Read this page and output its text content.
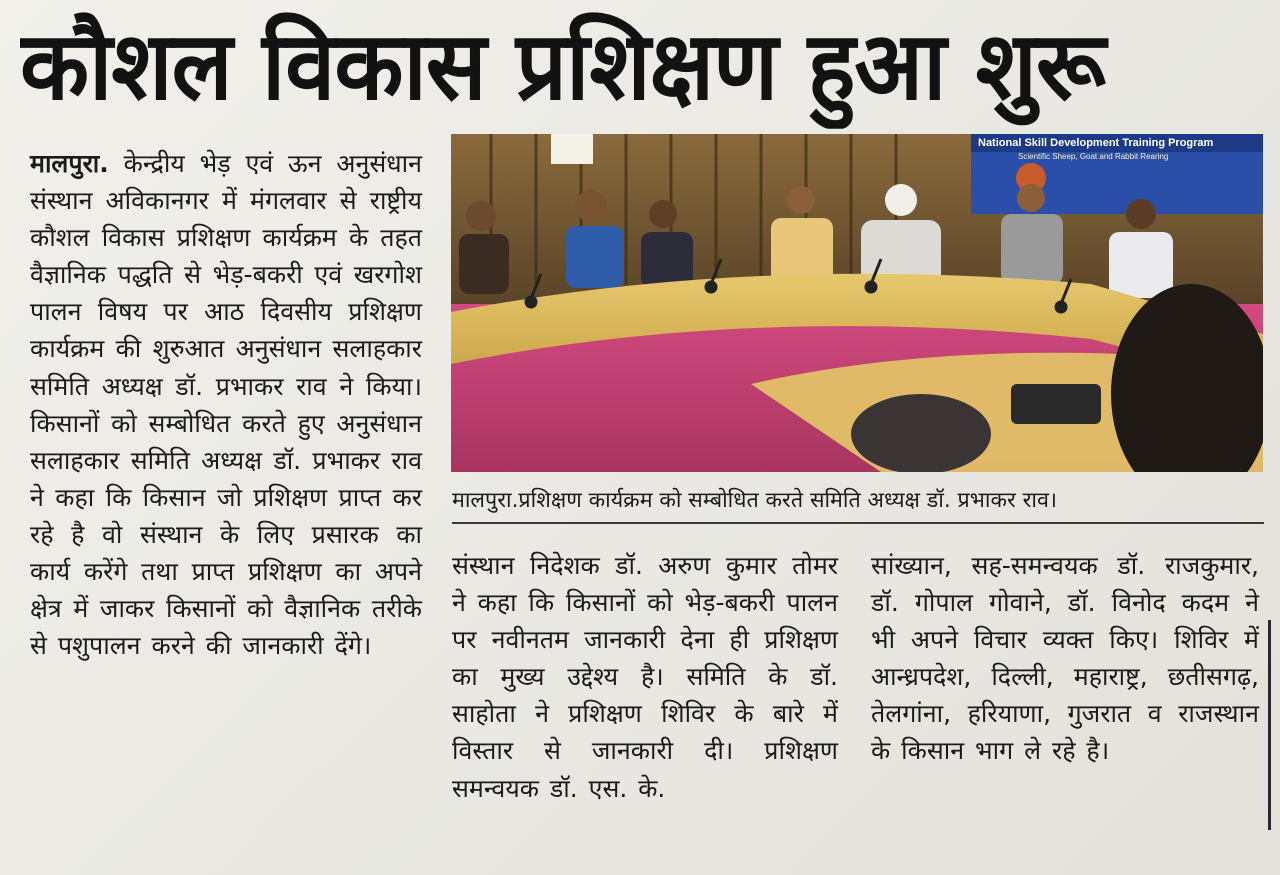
कौशल विकास प्रशिक्षण हुआ शुरू
मालपुरा. केन्द्रीय भेड़ एवं ऊन अनुसंधान संस्थान अविकानगर में मंगलवार से राष्ट्रीय कौशल विकास प्रशिक्षण कार्यक्रम के तहत वैज्ञानिक पद्धति से भेड़-बकरी एवं खरगोश पालन विषय पर आठ दिवसीय प्रशिक्षण कार्यक्रम की शुरुआत अनुसंधान सलाहकार समिति अध्यक्ष डॉ. प्रभाकर राव ने किया।किसानों को सम्बोधित करते हुए अनुसंधान सलाहकार समिति अध्यक्ष डॉ. प्रभाकर राव ने कहा कि किसान जो प्रशिक्षण प्राप्त कर रहे है वो संस्थान के लिए प्रसारक का कार्य करेंगे तथा प्राप्त प्रशिक्षण का अपने क्षेत्र में जाकर किसानों को वैज्ञानिक तरीके से पशुपालन करने की जानकारी देंगे।
National Skill Development Training Program
Scientific Sheep, Goat and Rabbit Rearing
मालपुरा.प्रशिक्षण कार्यक्रम को सम्बोधित करते समिति अध्यक्ष डॉ. प्रभाकर राव।
संस्थान निदेशक डॉ. अरुण कुमार तोमर ने कहा कि किसानों को भेड़-बकरी पालन पर नवीनतम जानकारी देना ही प्रशिक्षण का मुख्य उद्देश्य है। समिति के डॉ. साहोता ने प्रशिक्षण शिविर के बारे में विस्तार से जानकारी दी। प्रशिक्षण समन्वयक डॉ. एस. के.
सांख्यान, सह-समन्वयक डॉ. राजकुमार, डॉ. गोपाल गोवाने, डॉ. विनोद कदम ने भी अपने विचार व्यक्त किए। शिविर में आन्ध्रपदेश, दिल्ली, महाराष्ट्र, छतीसगढ़, तेलगांना, हरियाणा, गुजरात व राजस्थान के किसान भाग ले रहे है।
